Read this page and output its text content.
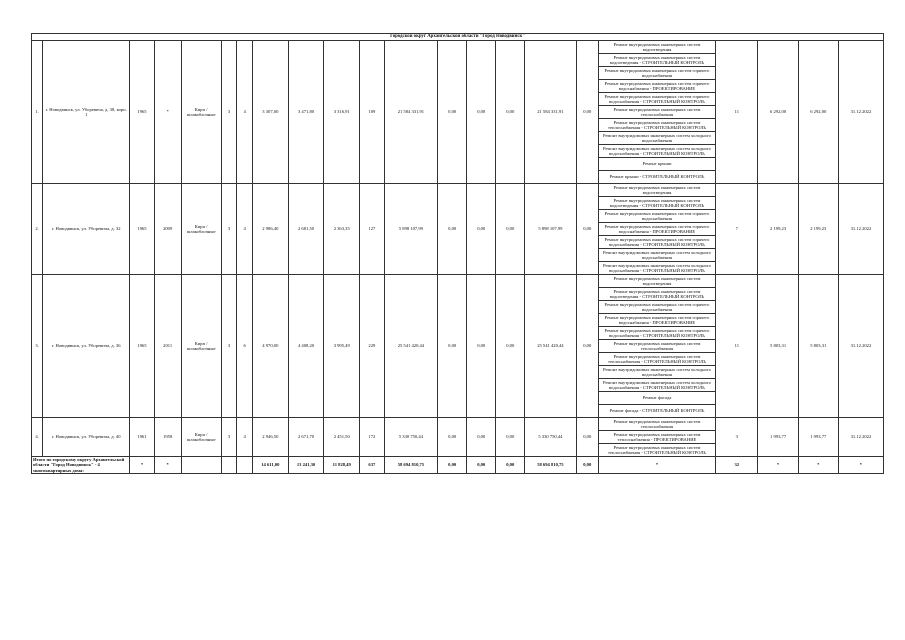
Городской округ Архангельской области "Город Новодвинск"																					
1.	г. Новодвинск, ул. Уборевича, д. 38, корп. 1	1965	*	Кирп / шлакоблочные	3	4	3 307,00	3 471,80	3 316,91	109	21 584 331,91	0,00	0,00	0,00	21 584 331,91	0,00	Ремонт внутридомовых инженерных систем водоотведения	11	6 292,00	6 292,00	31.12.2022
																	Ремонт внутридомовых инженерных систем водоотведения - СТРОИТЕЛЬНЫЙ КОНТРОЛЬ				
																	Ремонт внутридомовых инженерных систем горячего водоснабжения				
																	Ремонт внутридомовых инженерных систем горячего водоснабжения - ПРОЕКТИРОВАНИЕ				
																	Ремонт внутридомовых инженерных систем горячего водоснабжения - СТРОИТЕЛЬНЫЙ КОНТРОЛЬ				
																	Ремонт внутридомовых инженерных систем теплоснабжения				
																	Ремонт внутридомовых инженерных систем теплоснабжения - СТРОИТЕЛЬНЫЙ КОНТРОЛЬ				
																	Ремонт внутридомовых инженерных систем холодного водоснабжения				
																	Ремонт внутридомовых инженерных систем холодного водоснабжения - СТРОИТЕЛЬНЫЙ КОНТРОЛЬ				
																	Ремонт крыши				
																	Ремонт крыши - СТРОИТЕЛЬНЫЙ КОНТРОЛЬ				
2.	г. Новодвинск, ул. Уборевича, д. 32	1965	2009	Кирп / шлакоблочные	3	4	2 986,40	2 681,50	2 363,35	127	5 898 107,99	0,00	0,00	0,00	5 898 107,99	0,00	Ремонт внутридомовых инженерных систем водоотведения	7	2 199,23	2 199,23	31.12.2022
																	Ремонт внутридомовых инженерных систем водоотведения - СТРОИТЕЛЬНЫЙ КОНТРОЛЬ				
																	Ремонт внутридомовых инженерных систем горячего водоснабжения				
																	Ремонт внутридомовых инженерных систем горячего водоснабжения - ПРОЕКТИРОВАНИЕ				
																	Ремонт внутридомовых инженерных систем горячего водоснабжения - СТРОИТЕЛЬНЫЙ КОНТРОЛЬ				
																	Ремонт внутридомовых инженерных систем холодного водоснабжения				
																	Ремонт внутридомовых инженерных систем холодного водоснабжения - СТРОИТЕЛЬНЫЙ КОНТРОЛЬ				
3.	г. Новодвинск, ул. Уборевича, д. 36	1965	2011	Кирп / шлакоблочные	3	6	4 970,00	4 408,20	3 995,49	229	25 541 420,44	0,00	0,00	0,00	25 541 420,44	0,00	Ремонт внутридомовых инженерных систем водоотведения	11	5 803,31	5 803,31	31.12.2022
																	Ремонт внутридомовых инженерных систем водоотведения - СТРОИТЕЛЬНЫЙ КОНТРОЛЬ				
																	Ремонт внутридомовых инженерных систем горячего водоснабжения				
																	Ремонт внутридомовых инженерных систем горячего водоснабжения - ПРОЕКТИРОВАНИЕ				
																	Ремонт внутридомовых инженерных систем горячего водоснабжения - СТРОИТЕЛЬНЫЙ КОНТРОЛЬ				
																	Ремонт внутридомовых инженерных систем теплоснабжения				
																	Ремонт внутридомовых инженерных систем теплоснабжения - СТРОИТЕЛЬНЫЙ КОНТРОЛЬ				
																	Ремонт внутридомовых инженерных систем холодного водоснабжения				
																	Ремонт внутридомовых инженерных систем холодного водоснабжения - СТРОИТЕЛЬНЫЙ КОНТРОЛЬ				
																	Ремонт фасада				
																	Ремонт фасада - СТРОИТЕЛЬНЫЙ КОНТРОЛЬ				
4.	г. Новодвинск, ул. Уборевича, д. 40	1961	1958	Кирп / шлакоблочные	3	4	2 946,50	2 671,70	2 451,50	172	5 330 750,44	0,00	0,00	0,00	5 330 750,44	0,00	Ремонт внутридомовых инженерных систем теплоснабжения	3	1 993,77	1 993,77	31.12.2022
																	Ремонт внутридомовых инженерных систем теплоснабжения - ПРОЕКТИРОВАНИЕ				
																	Ремонт внутридомовых инженерных систем теплоснабжения - СТРОИТЕЛЬНЫЙ КОНТРОЛЬ				
Итого по городскому округу Архангельской области "Город Новодвинск" - 4 многоквартирных дома:		*	*				14 611,00	13 241,30	11 828,49	637	58 694 810,75	0,00	0,00	0,00	58 694 810,75	0,00	*	32	*	*	*
